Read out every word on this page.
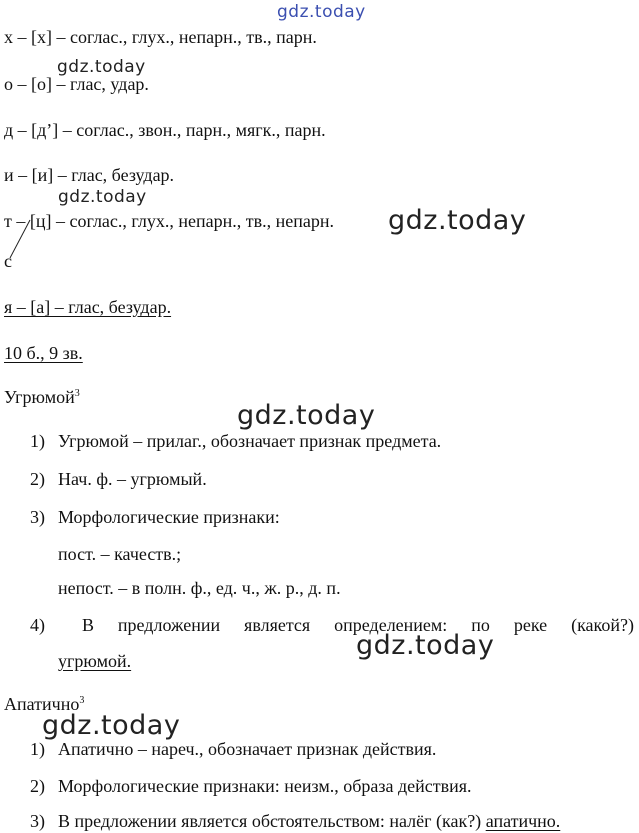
gdz.today
gdz.today
gdz.today
gdz.today
gdz.today
gdz.today
gdz.today
х – [х] – соглас., глух., непарн., тв., парн.
о – [о] – глас, удар.
д – [д’] – соглас., звон., парн., мягк., парн.
и – [и] – глас, безудар.
т – [ц] – соглас., глух., непарн., тв., непарн.
с
я – [а] – глас, безудар.
10 б., 9 зв.
Угрюмой$^3$
1) Угрюмой – прилаг., обозначает признак предмета.
2) Нач. ф. – угрюмый.
3) Морфологические признаки:
пост. – качеств.;
непост. – в полн. ф., ед. ч., ж. р., д. п.
4)	В предложении является определением: по реке (какой?)
угрюмой.
Апатично$^3$
1) Апатично – нареч., обозначает признак действия.
2) Морфологические признаки: неизм., образа действия.
3) В предложении является обстоятельством: налёг (как?) апатично.
